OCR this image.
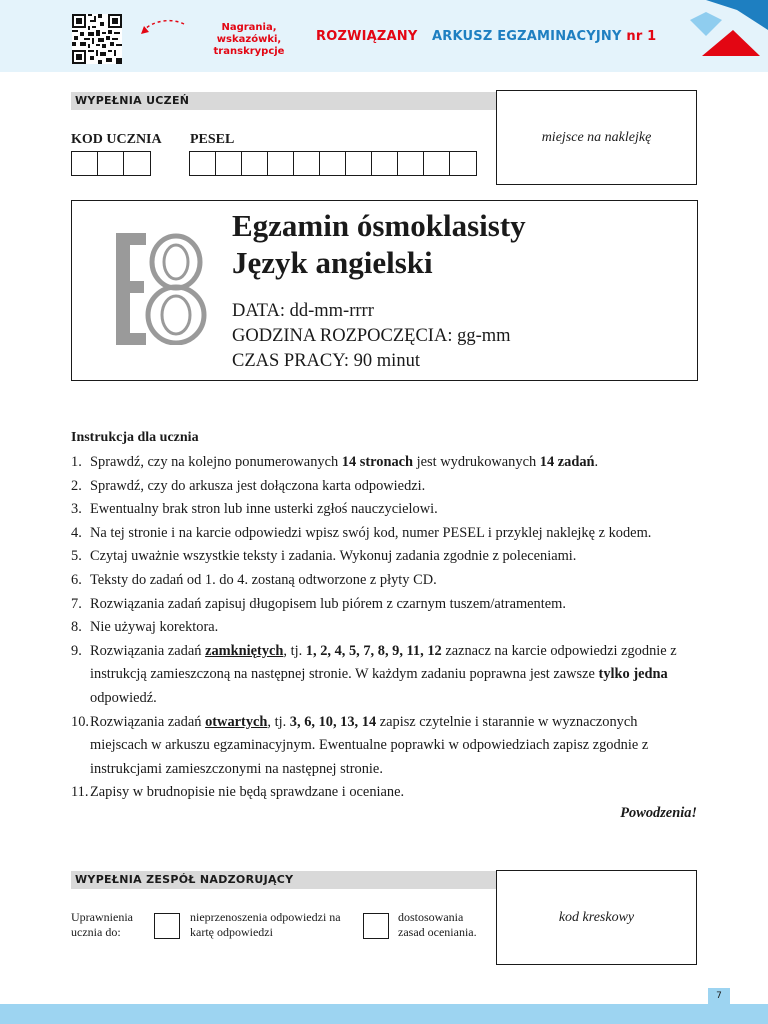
Nagrania, wskazówki, transkrypcje
ROZWIĄZANY ARKUSZ EGZAMINACYJNY nr 1
WYPEŁNIA UCZEŃ
KOD UCZNIA PESEL	miejsce na naklejkę
Egzamin ósmoklasisty
Język angielski
DATA: dd-mm-rrrr
GODZINA ROZPOCZĘCIA: gg-mm
CZAS PRACY: 90 minut
Instrukcja dla ucznia
1. Sprawdź, czy na kolejno ponumerowanych 14 stronach jest wydrukowanych 14 zadań.
2. Sprawdź, czy do arkusza jest dołączona karta odpowiedzi.
3. Ewentualny brak stron lub inne usterki zgłoś nauczycielowi.
4. Na tej stronie i na karcie odpowiedzi wpisz swój kod, numer PESEL i przyklej naklejkę z kodem.
5. Czytaj uważnie wszystkie teksty i zadania. Wykonuj zadania zgodnie z poleceniami.
6. Teksty do zadań od 1. do 4. zostaną odtworzone z płyty CD.
7. Rozwiązania zadań zapisuj długopisem lub piórem z czarnym tuszem/atramentem.
8. Nie używaj korektora.
9. Rozwiązania zadań zamkniętych, tj. 1, 2, 4, 5, 7, 8, 9, 11, 12 zaznacz na karcie odpowiedzi zgodnie z instrukcją zamieszczoną na następnej stronie. W każdym zadaniu poprawna jest zawsze tylko jedna odpowiedź.
10. Rozwiązania zadań otwartych, tj. 3, 6, 10, 13, 14 zapisz czytelnie i starannie w wyznaczonych miejscach w arkuszu egzaminacyjnym. Ewentualne poprawki w odpowiedziach zapisz zgodnie z instrukcjami zamieszczonymi na następnej stronie.
11. Zapisy w brudnopisie nie będą sprawdzane i oceniane.
Powodzenia!
WYPEŁNIA ZESPÓŁ NADZORUJĄCY
Uprawnienia ucznia do:
nieprzenoszenia odpowiedzi na kartę odpowiedzi
dostosowania zasad oceniania.
kod kreskowy
7
